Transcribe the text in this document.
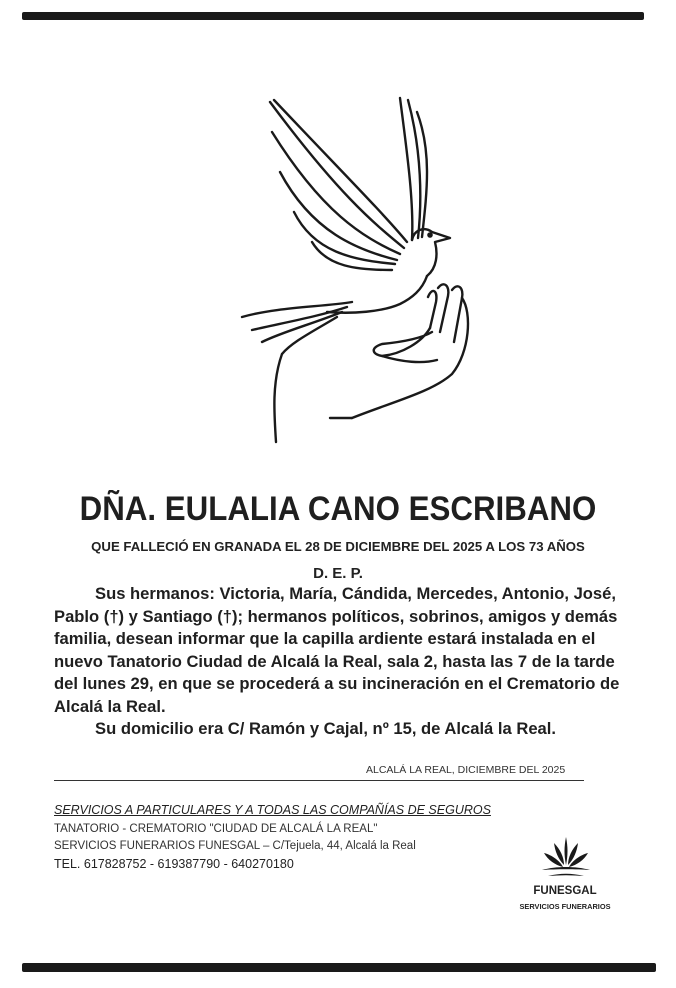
DÑA. EULALIA CANO ESCRIBANO
QUE FALLECIÓ EN GRANADA EL 28 DE DICIEMBRE DEL 2025 A LOS 73 AÑOS
D. E. P.

Sus hermanos: Victoria, María, Cándida, Mercedes, Antonio, José, Pablo (†) y Santiago (†); hermanos políticos, sobrinos, amigos y demás familia, desean informar que la capilla ardiente estará instalada en el nuevo Tanatorio Ciudad de Alcalá la Real, sala 2, hasta las 7 de la tarde del lunes 29, en que se procederá a su incineración en el Crematorio de Alcalá la Real.

Su domicilio era C/ Ramón y Cajal, nº 15, de Alcalá la Real.

ALCALÁ LA REAL, DICIEMBRE DEL 2025
SERVICIOS A PARTICULARES Y A TODAS LAS COMPAÑÍAS DE SEGUROS
TANATORIO - CREMATORIO "CIUDAD DE ALCALÁ LA REAL"
SERVICIOS FUNERARIOS FUNESGAL – C/Tejuela, 44, Alcalá la Real
TEL. 617828752 - 619387790 - 640270180
FUNESGAL
SERVICIOS FUNERARIOS
